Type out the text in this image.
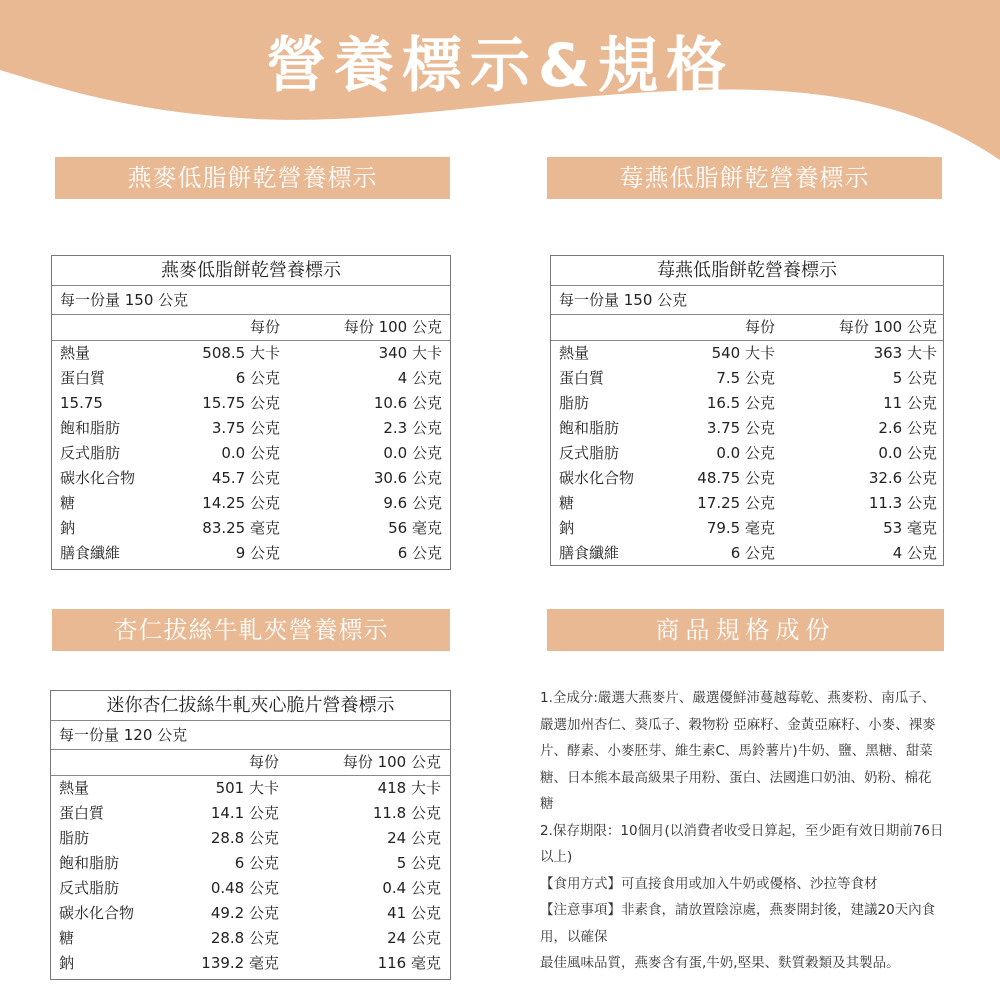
營養標示&規格
燕麥低脂餅乾營養標示	莓燕低脂餅乾營養標示
杏仁拔絲牛軋夾營養標示	商品規格成份
燕麥低脂餅乾營養標示
每一份量 150 公克
每份	每份 100 公克
熱量	508.5 大卡	340 大卡
蛋白質	6 公克	4 公克
15.75	15.75 公克	10.6 公克
飽和脂肪	3.75 公克	2.3 公克
反式脂肪	0.0 公克	0.0 公克
碳水化合物	45.7 公克	30.6 公克
糖	14.25 公克	9.6 公克
鈉	83.25 毫克	56 毫克
膳食纖維	9 公克	6 公克
莓燕低脂餅乾營養標示
每一份量 150 公克
每份	每份 100 公克
熱量	540 大卡	363 大卡
蛋白質	7.5 公克	5 公克
脂肪	16.5 公克	11 公克
飽和脂肪	3.75 公克	2.6 公克
反式脂肪	0.0 公克	0.0 公克
碳水化合物	48.75 公克	32.6 公克
糖	17.25 公克	11.3 公克
鈉	79.5 毫克	53 毫克
膳食纖維	6 公克	4 公克
迷你杏仁拔絲牛軋夾心脆片營養標示
每一份量 120 公克
每份	每份 100 公克
熱量	501 大卡	418 大卡
蛋白質	14.1 公克	11.8 公克
脂肪	28.8 公克	24 公克
飽和脂肪	6 公克	5 公克
反式脂肪	0.48 公克	0.4 公克
碳水化合物	49.2 公克	41 公克
糖	28.8 公克	24 公克
鈉	139.2 毫克	116 毫克

1.全成分:嚴選大燕麥片、嚴選優鮮沛蔓越莓乾、燕麥粉、南瓜子、

嚴選加州杏仁、葵瓜子、穀物粉 亞麻籽、金黃亞麻籽、小麥、裸麥

片、酵素、小麥胚芽、維生素C、馬鈴薯片)牛奶、鹽、黑糖、甜菜

糖、日本熊本最高級果子用粉、蛋白、法國進口奶油、奶粉、棉花

糖

2.保存期限：10個月(以消費者收受日算起，至少距有效日期前76日

以上)

【食用方式】可直接食用或加入牛奶或優格、沙拉等食材

【注意事項】非素食，請放置陰涼處，燕麥開封後，建議20天內食

用，以確保

最佳風味品質，燕麥含有蛋,牛奶,堅果、麩質穀類及其製品。
